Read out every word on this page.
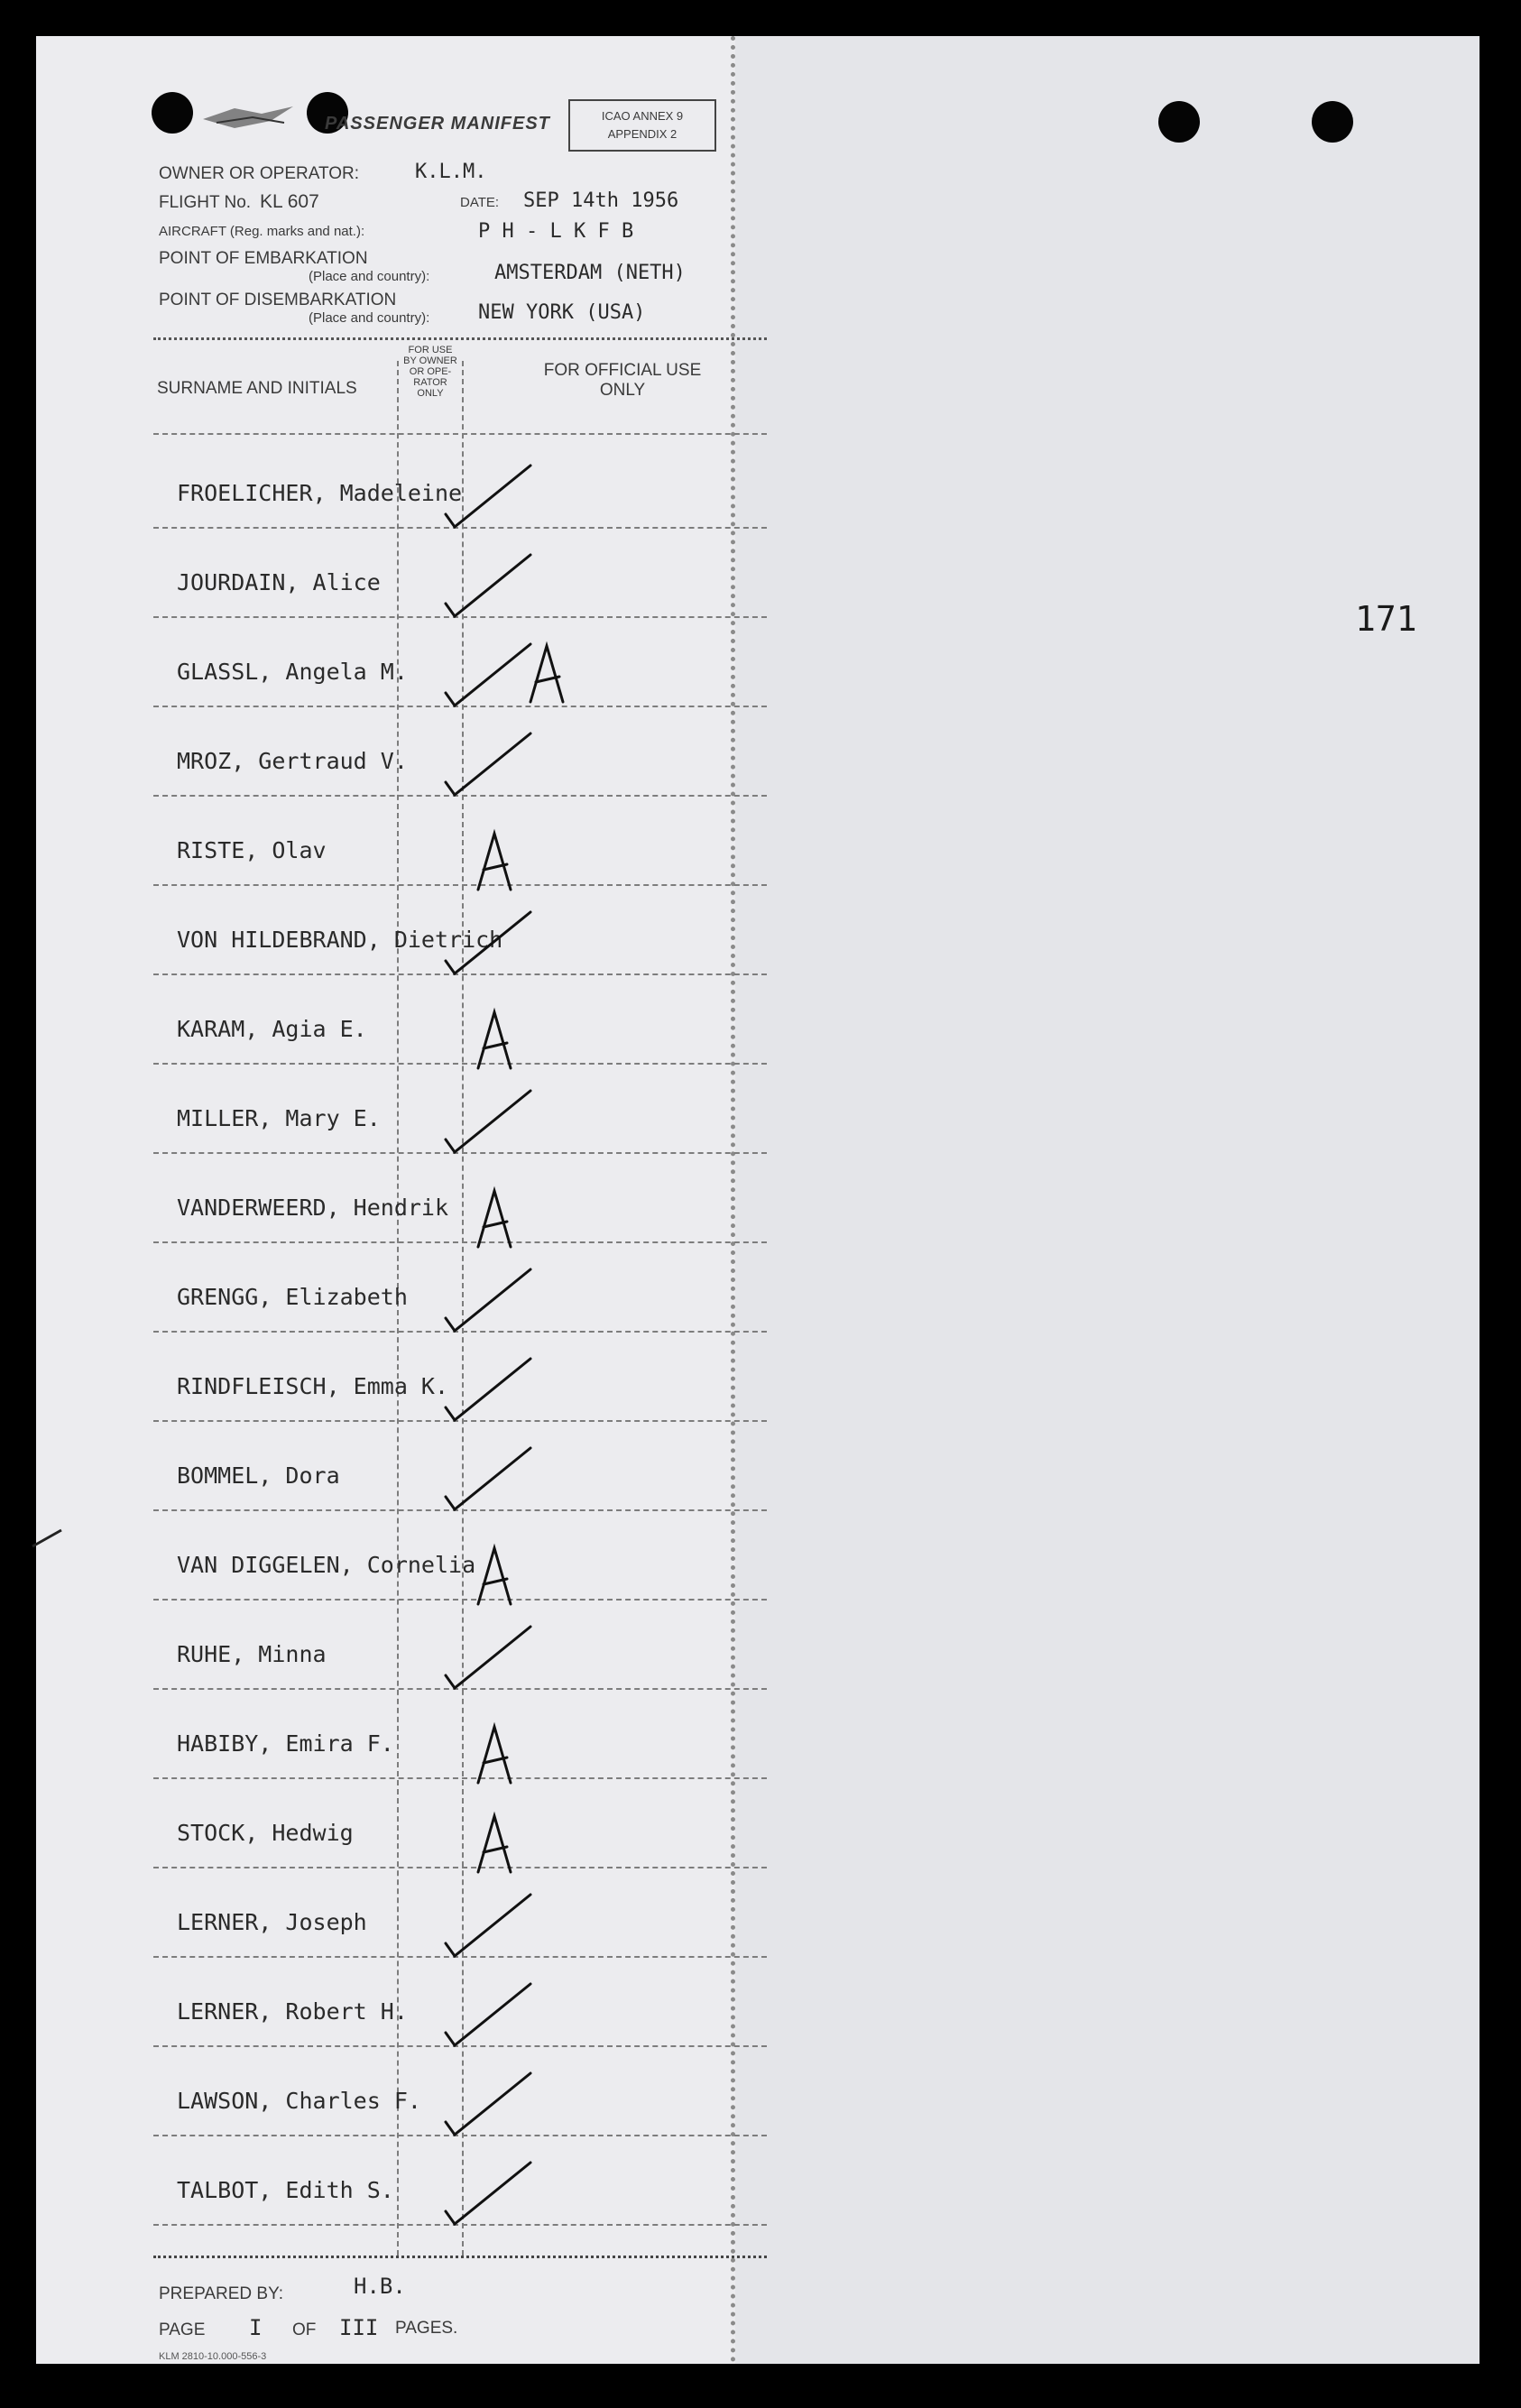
PASSENGER MANIFEST	ICAO ANNEX 9
APPENDIX 2
OWNER OR OPERATOR:	K.L.M.
FLIGHT No. KL 607	DATE: SEP 14th 1956
AIRCRAFT (Reg. marks and nat.):	P H - L K F B
POINT OF EMBARKATION
(Place and country):	AMSTERDAM (NETH)
POINT OF DISEMBARKATION
(Place and country): NEW YORK (USA)
SURNAME AND INITIALS
FOR USE BY OWNER OR OPE-RATOR ONLY
FOR OFFICIAL USE
ONLY
FROELICHER, Madeleine
JOURDAIN, Alice
GLASSL, Angela M.
MROZ, Gertraud V.
RISTE, Olav
VON HILDEBRAND, Dietrich
KARAM, Agia E.
MILLER, Mary E.
VANDERWEERD, Hendrik
GRENGG, Elizabeth
RINDFLEISCH, Emma K.
BOMMEL, Dora
VAN DIGGELEN, Cornelia
RUHE, Minna
HABIBY, Emira F.
STOCK, Hedwig
LERNER, Joseph
LERNER, Robert H.
LAWSON, Charles F.
TALBOT, Edith S.
PREPARED BY:	H.B.
PAGE I OF III PAGES.
KLM 2810-10.000-556-3
171
